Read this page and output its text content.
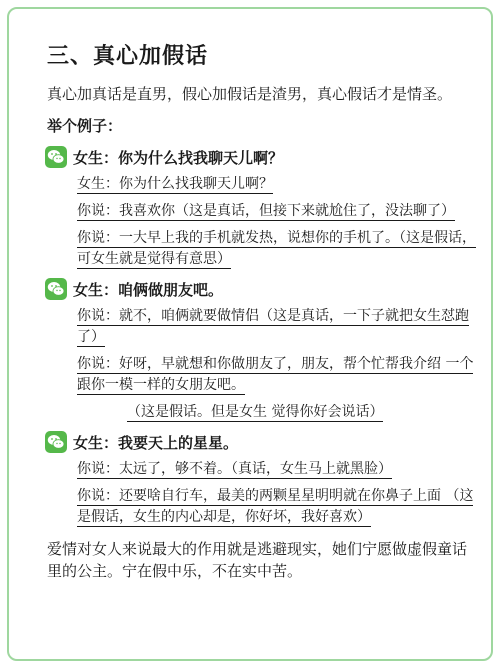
三、真心加假话
真心加真话是直男，假心加假话是渣男，真心假话才是情圣。
举个例子：
女生：你为什么找我聊天儿啊？
女生：你为什么找我聊天儿啊？
你说：我喜欢你（这是真话，但接下来就尬住了，没法聊了）
你说：一大早上我的手机就发热，说想你的手机了。（这是假话，可女生就是觉得有意思）
女生：咱俩做朋友吧。
你说：就不，咱俩就要做情侣（这是真话，一下子就把女生怼跑了）
你说：好呀，早就想和你做朋友了，朋友，帮个忙帮我介绍 一个跟你一模一样的女朋友吧。
（这是假话。但是女生 觉得你好会说话）
女生：我要天上的星星。
你说：太远了，够不着。（真话，女生马上就黑脸）
你说：还要啥自行车，最美的两颗星星明明就在你鼻子上面 （这是假话，女生的内心却是，你好坏，我好喜欢）
爱情对女人来说最大的作用就是逃避现实，她们宁愿做虚假童话里的公主。宁在假中乐，不在实中苦。
